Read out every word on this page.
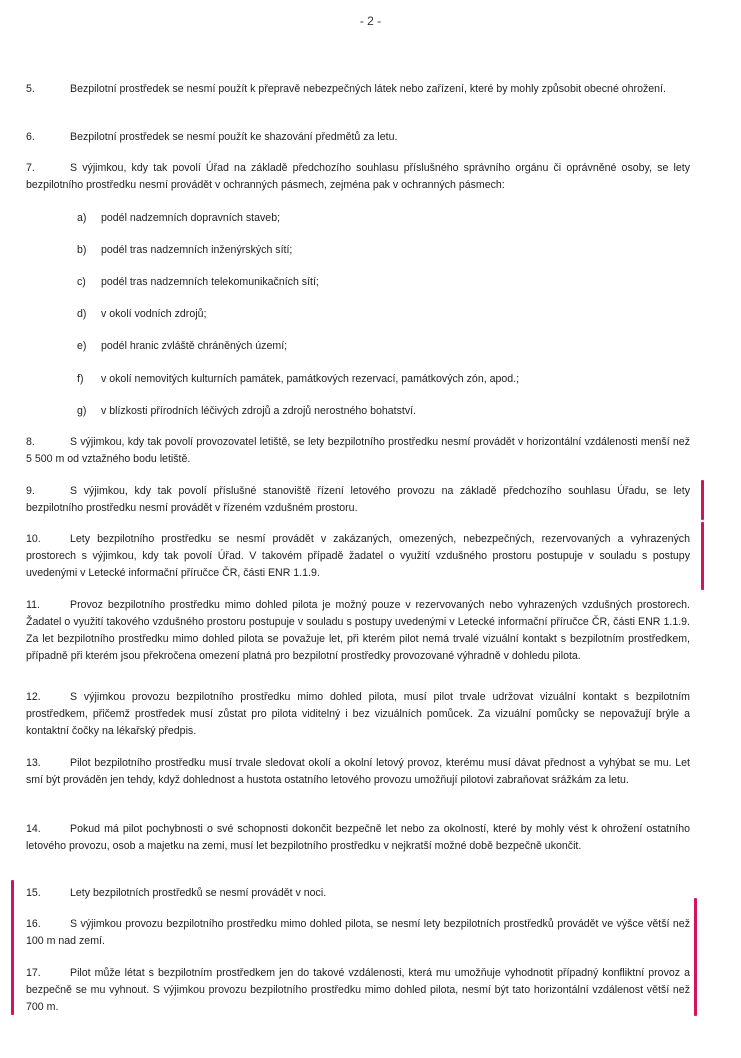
- 2 -

5.	Bezpilotní prostředek se nesmí použít k přepravě nebezpečných látek nebo zařízení, které by mohly způsobit obecné ohrožení.

6.	Bezpilotní prostředek se nesmí použít ke shazování předmětů za letu.

7.	S výjimkou, kdy tak povolí Úřad na základě předchozího souhlasu příslušného správního orgánu či oprávněné osoby, se lety bezpilotního prostředku nesmí provádět v ochranných pásmech, zejména pak v ochranných pásmech:

a) podél nadzemních dopravních staveb;

b) podél tras nadzemních inženýrských sítí;

c) podél tras nadzemních telekomunikačních sítí;

d) v okolí vodních zdrojů;

e) podél hranic zvláště chráněných území;

f) v okolí nemovitých kulturních památek, památkových rezervací, památkových zón, apod.;

g) v blízkosti přírodních léčivých zdrojů a zdrojů nerostného bohatství.

8.	S výjimkou, kdy tak povolí provozovatel letiště, se lety bezpilotního prostředku nesmí provádět v horizontální vzdálenosti menší než 5 500 m od vztažného bodu letiště.

9.	S výjimkou, kdy tak povolí příslušné stanoviště řízení letového provozu na základě předchozího souhlasu Úřadu, se lety bezpilotního prostředku nesmí provádět v řízeném vzdušném prostoru.

10.	Lety bezpilotního prostředku se nesmí provádět v zakázaných, omezených, nebezpečných, rezervovaných a vyhrazených prostorech s výjimkou, kdy tak povolí Úřad. V takovém případě žadatel o využití vzdušného prostoru postupuje v souladu s postupy uvedenými v Letecké informační příručce ČR, části ENR 1.1.9.

11.	Provoz bezpilotního prostředku mimo dohled pilota je možný pouze v rezervovaných nebo vyhrazených vzdušných prostorech. Žadatel o využití takového vzdušného prostoru postupuje v souladu s postupy uvedenými v Letecké informační příručce ČR, části ENR 1.1.9. Za let bezpilotního prostředku mimo dohled pilota se považuje let, při kterém pilot nemá trvalé vizuální kontakt s bezpilotním prostředkem, případně při kterém jsou překročena omezení platná pro bezpilotní prostředky provozované výhradně v dohledu pilota.

12.	S výjimkou provozu bezpilotního prostředku mimo dohled pilota, musí pilot trvale udržovat vizuální kontakt s bezpilotním prostředkem, přičemž prostředek musí zůstat pro pilota viditelný i bez vizuálních pomůcek. Za vizuální pomůcky se nepovažují brýle a kontaktní čočky na lékařský předpis.

13.	Pilot bezpilotního prostředku musí trvale sledovat okolí a okolní letový provoz, kterému musí dávat přednost a vyhýbat se mu. Let smí být prováděn jen tehdy, když dohlednost a hustota ostatního letového provozu umožňují pilotovi zabraňovat srážkám za letu.

14.	Pokud má pilot pochybnosti o své schopnosti dokončit bezpečně let nebo za okolností, které by mohly vést k ohrožení ostatního letového provozu, osob a majetku na zemi, musí let bezpilotního prostředku v nejkratší možné době bezpečně ukončit.

15.	Lety bezpilotních prostředků se nesmí provádět v noci.

16.	S výjimkou provozu bezpilotního prostředku mimo dohled pilota, se nesmí lety bezpilotních prostředků provádět ve výšce větší než 100 m nad zemí.

17.	Pilot může létat s bezpilotním prostředkem jen do takové vzdálenosti, která mu umožňuje vyhodnotit případný konfliktní provoz a bezpečně se mu vyhnout. S výjimkou provozu bezpilotního prostředku mimo dohled pilota, nesmí být tato horizontální vzdálenost větší než 700 m.
